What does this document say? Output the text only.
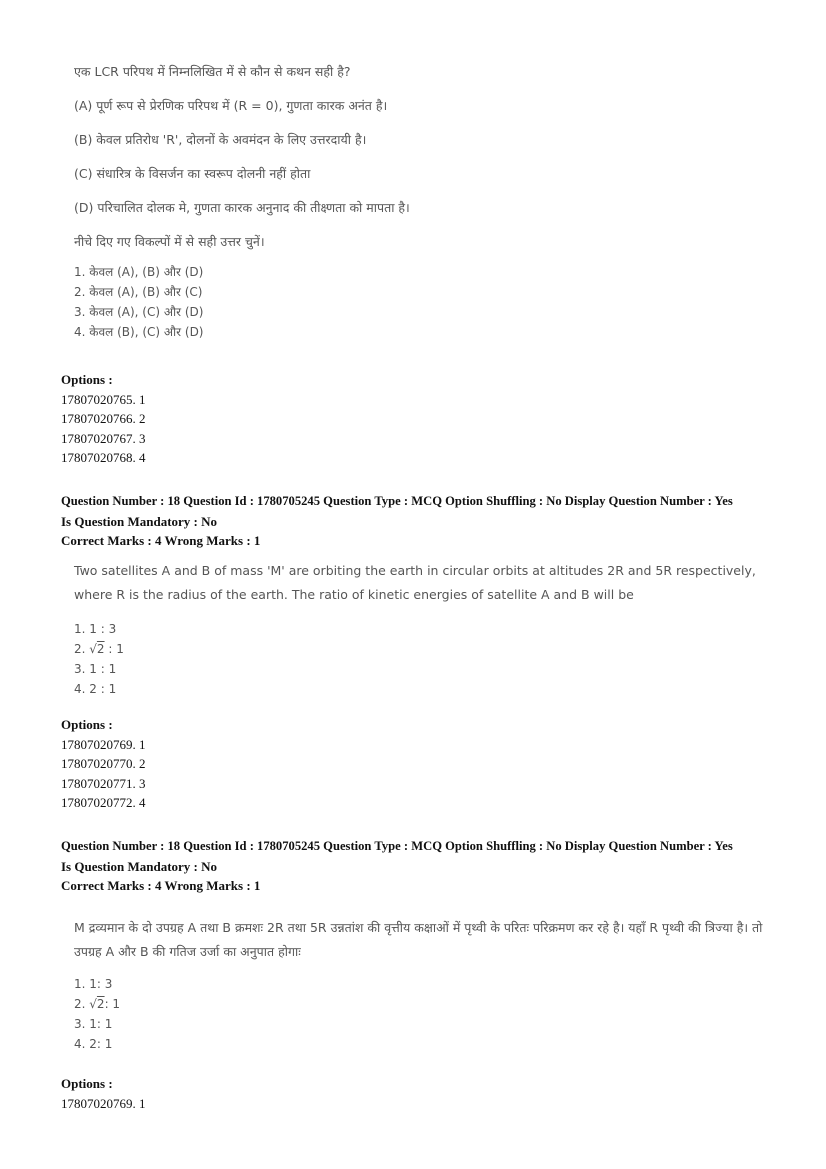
एक LCR परिपथ में निम्नलिखित में से कौन से कथन सही है?
(A) पूर्ण रूप से प्रेरणिक परिपथ में (R = 0), गुणता कारक अनंत है।
(B) केवल प्रतिरोध 'R', दोलनों के अवमंदन के लिए उत्तरदायी है।
(C) संधारित्र के विसर्जन का स्वरूप दोलनी नहीं होता
(D) परिचालित दोलक मे, गुणता कारक अनुनाद की तीक्ष्णता को मापता है।
नीचे दिए गए विकल्पों में से सही उत्तर चुनें।
1. केवल (A), (B) और (D)
2. केवल (A), (B) और (C)
3. केवल (A), (C) और (D)
4. केवल (B), (C) और (D)
Options :
17807020765. 1
17807020766. 2
17807020767. 3
17807020768. 4
Question Number : 18 Question Id : 1780705245 Question Type : MCQ Option Shuffling : No Display Question Number : Yes
Is Question Mandatory : No
Correct Marks : 4 Wrong Marks : 1
Two satellites A and B of mass 'M' are orbiting the earth in circular orbits at altitudes 2R and 5R respectively, where R is the radius of the earth. The ratio of kinetic energies of satellite A and B will be
1. 1 : 3
2. √2 : 1
3. 1 : 1
4. 2 : 1
Options :
17807020769. 1
17807020770. 2
17807020771. 3
17807020772. 4
Question Number : 18 Question Id : 1780705245 Question Type : MCQ Option Shuffling : No Display Question Number : Yes
Is Question Mandatory : No
Correct Marks : 4 Wrong Marks : 1
M द्रव्यमान के दो उपग्रह A तथा B क्रमशः 2R तथा 5R उन्नतांश की वृत्तीय कक्षाओं में पृथ्वी के परितः परिक्रमण कर रहे है। यहाँ R पृथ्वी की त्रिज्या है। तो उपग्रह A और B की गतिज उर्जा का अनुपात होगाः
1. 1: 3
2. √2: 1
3. 1: 1
4. 2: 1
Options :
17807020769. 1
